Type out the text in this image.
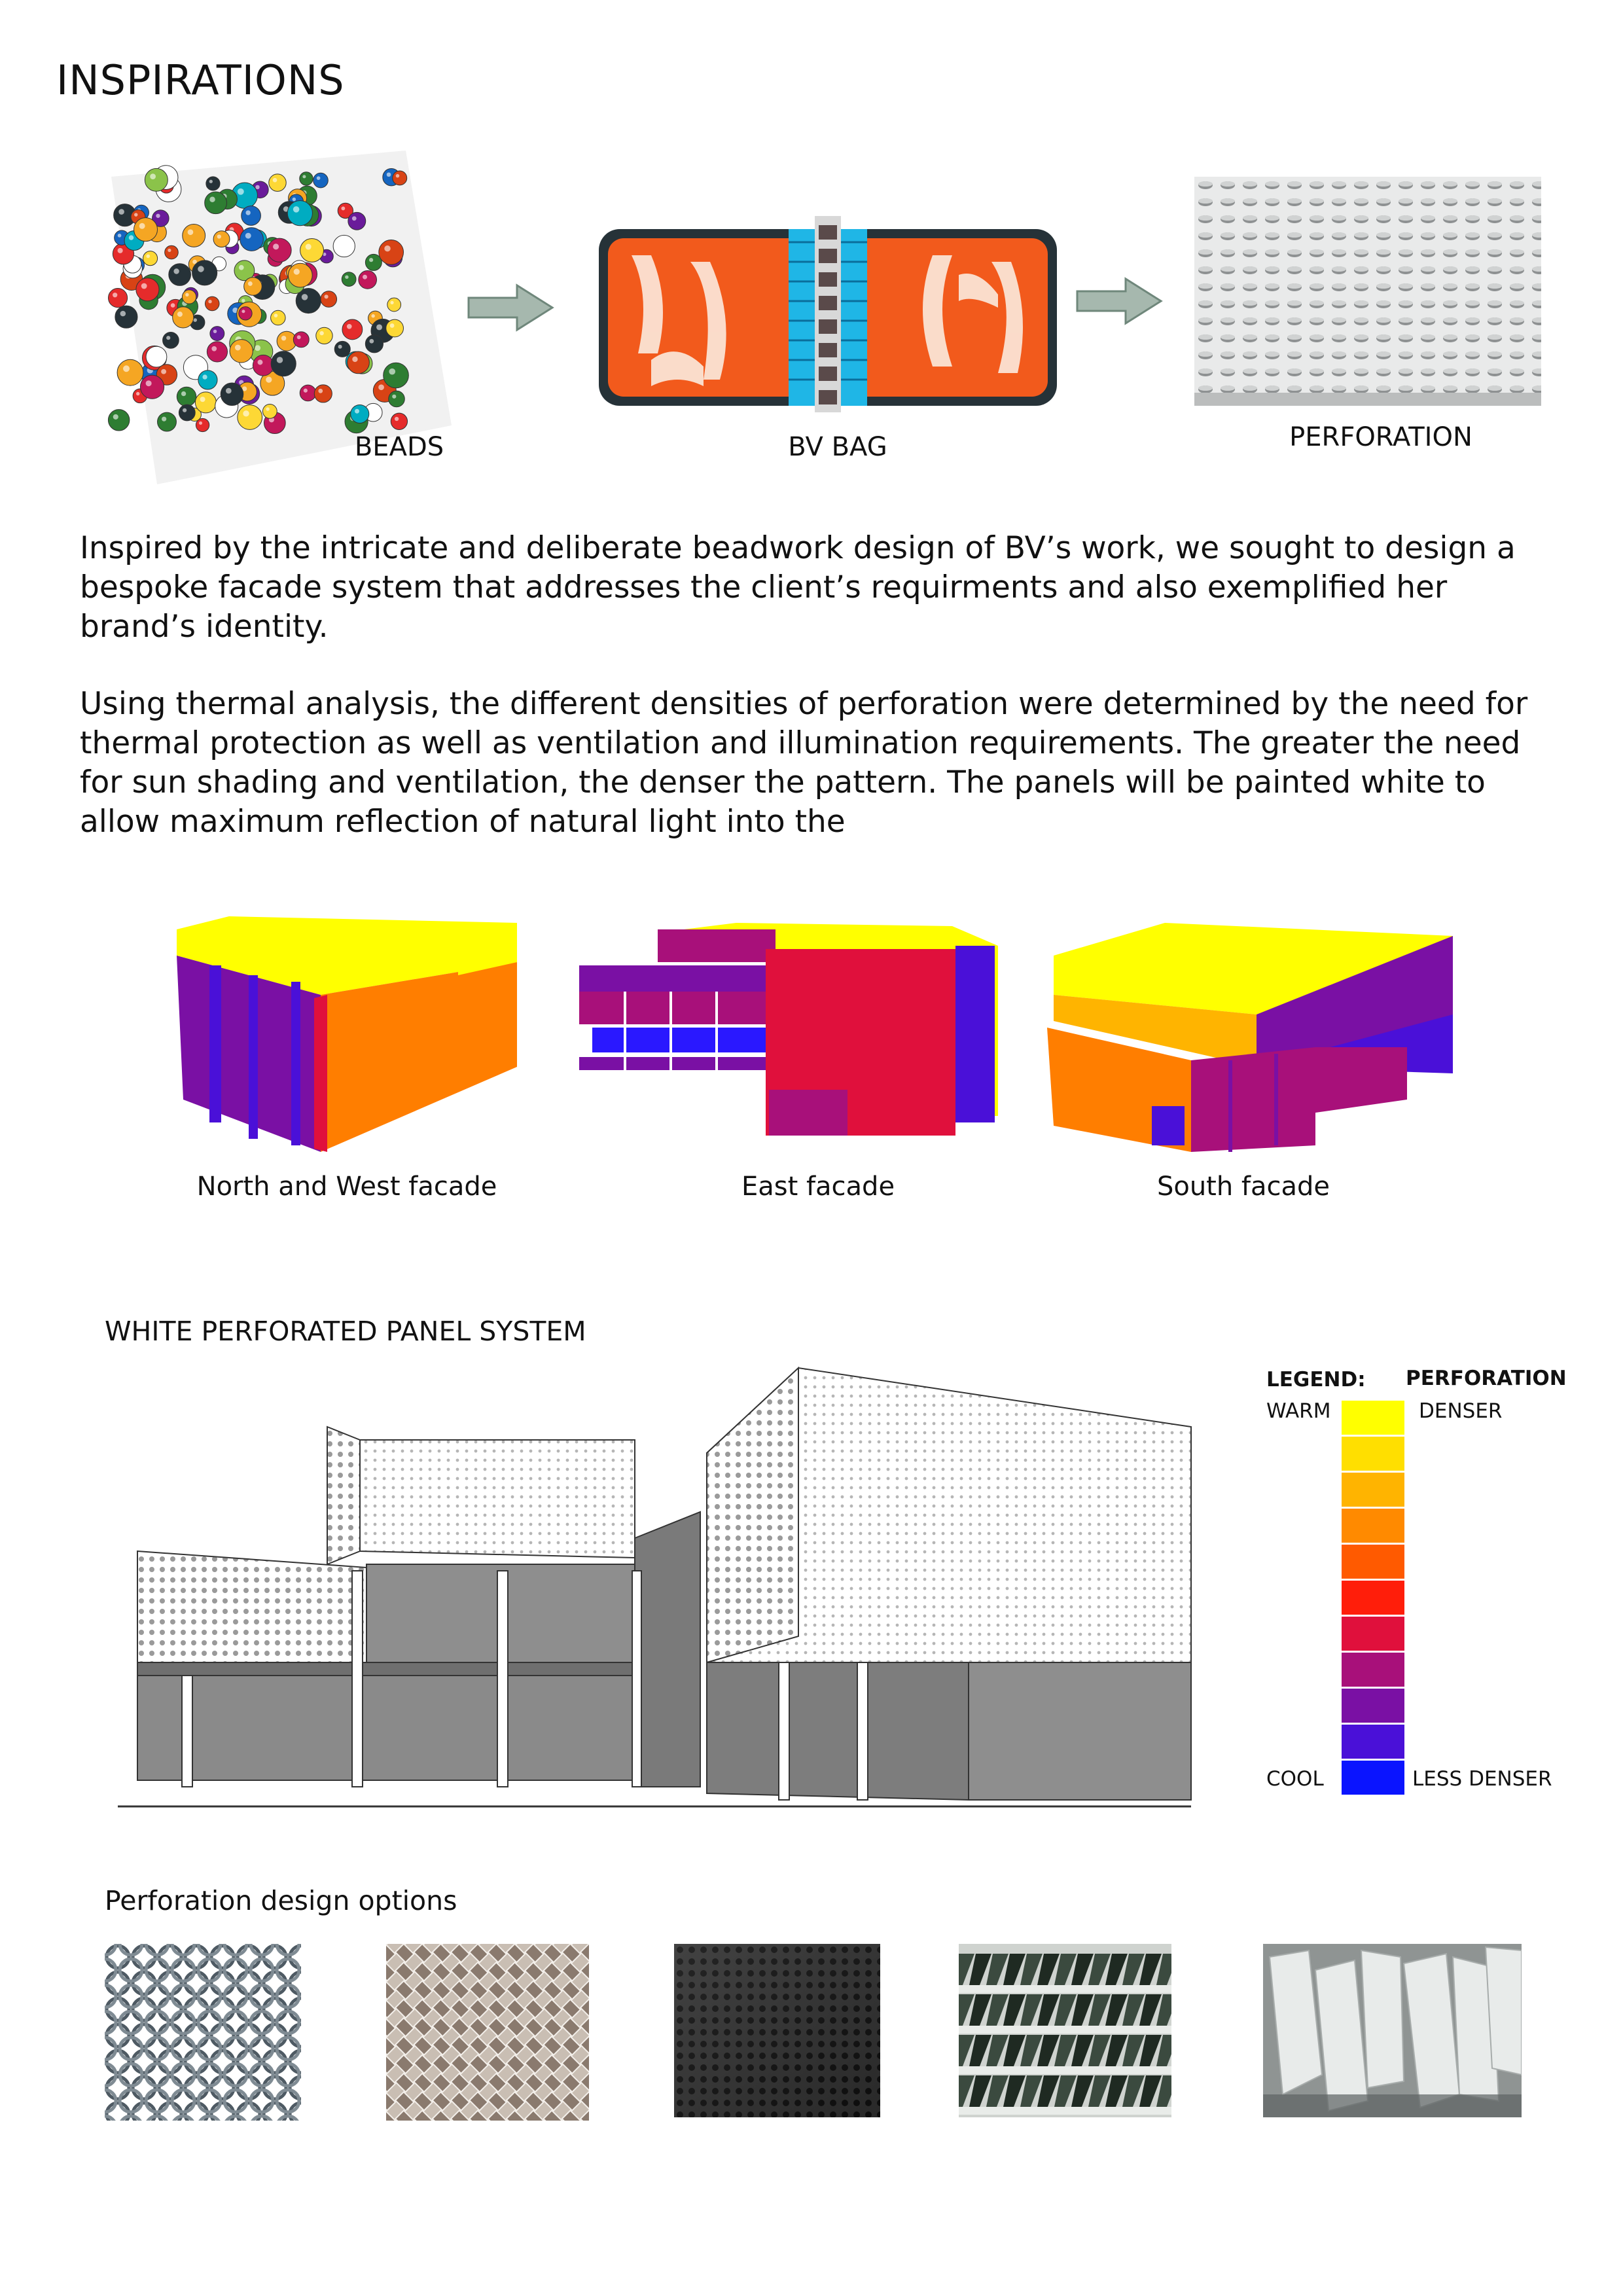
INSPIRATIONS
BEADS	BV BAG	PERFORATION
Inspired by the intricate and deliberate beadwork design of BV’s work, we sought to design a bespoke facade system that addresses the client’s requirments and also exemplified her brand’s identity.
Using thermal analysis, the different densities of perforation were determined by the need for thermal protection as well as ventilation and illumination requirements. The greater the need for sun shading and ventilation, the denser the pattern. The panels will be painted white to allow maximum reflection of natural light into the
North and West facade	East facade	South facade
WHITE PERFORATED PANEL SYSTEM
LEGEND: PERFORATION
WARM	DENSER
COOL	LESS DENSER
Perforation design options
